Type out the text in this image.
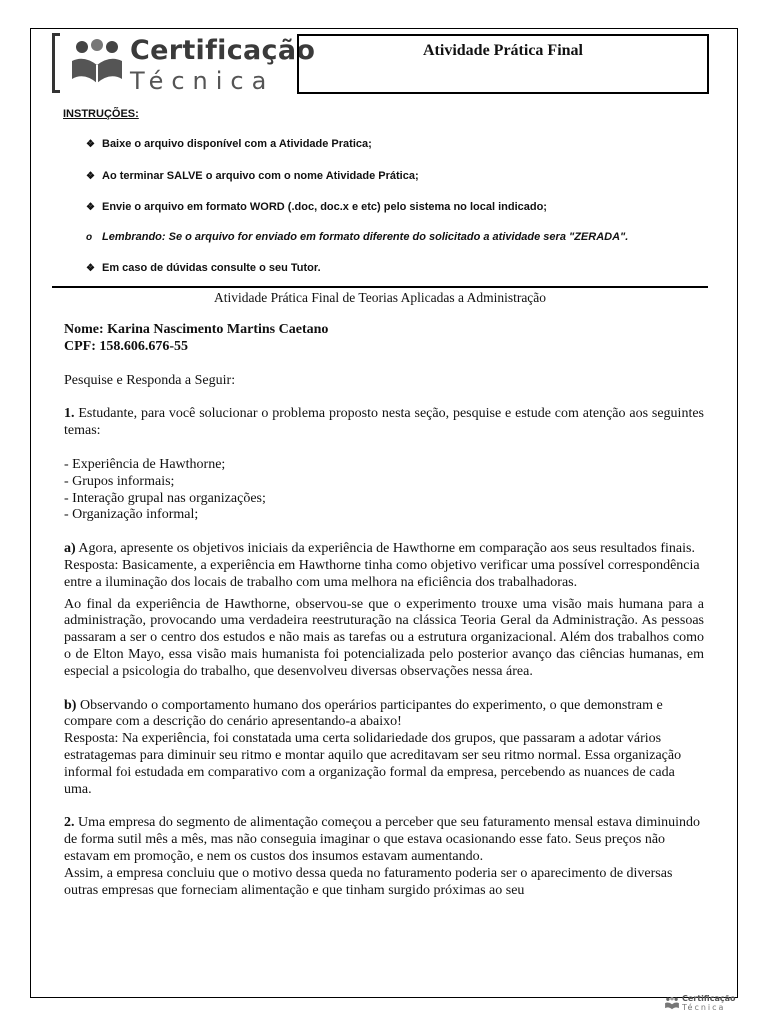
Certificação
Técnica
Atividade Prática Final
INSTRUÇÕES:
❖ Baixe o arquivo disponível com a Atividade Pratica;
❖ Ao terminar SALVE o arquivo com o nome Atividade Prática;
❖ Envie o arquivo em formato WORD (.doc, doc.x e etc) pelo sistema no local indicado;
o Lembrando: Se o arquivo for enviado em formato diferente do solicitado a atividade sera "ZERADA".
❖ Em caso de dúvidas consulte o seu Tutor.
Atividade Prática Final de Teorias Aplicadas a Administração

Nome: Karina Nascimento Martins Caetano

CPF: 158.606.676-55

Pesquise e Responda a Seguir:

1. Estudante, para você solucionar o problema proposto nesta seção, pesquise e estude com atenção aos seguintes temas:

- Experiência de Hawthorne;

- Grupos informais;

- Interação grupal nas organizações;

- Organização informal;

a) Agora, apresente os objetivos iniciais da experiência de Hawthorne em comparação aos seus resultados finais.

Resposta: Basicamente, a experiência em Hawthorne tinha como objetivo verificar uma possível correspondência entre a iluminação dos locais de trabalho com uma melhora na eficiência dos trabalhadoras.

Ao final da experiência de Hawthorne, observou-se que o experimento trouxe uma visão mais humana para a administração, provocando uma verdadeira reestruturação na clássica Teoria Geral da Administração. As pessoas passaram a ser o centro dos estudos e não mais as tarefas ou a estrutura organizacional. Além dos trabalhos como o de Elton Mayo, essa visão mais humanista foi potencializada pelo posterior avanço das ciências humanas, em especial a psicologia do trabalho, que desenvolveu diversas observações nessa área.

b) Observando o comportamento humano dos operários participantes do experimento, o que demonstram e compare com a descrição do cenário apresentando-a abaixo!

Resposta: Na experiência, foi constatada uma certa solidariedade dos grupos, que passaram a adotar vários estratagemas para diminuir seu ritmo e montar aquilo que acreditavam ser seu ritmo normal. Essa organização informal foi estudada em comparativo com a organização formal da empresa, percebendo as nuances de cada uma.

2. Uma empresa do segmento de alimentação começou a perceber que seu faturamento mensal estava diminuindo de forma sutil mês a mês, mas não conseguia imaginar o que estava ocasionando esse fato. Seus preços não estavam em promoção, e nem os custos dos insumos estavam aumentando.

Assim, a empresa concluiu que o motivo dessa queda no faturamento poderia ser o aparecimento de diversas outras empresas que forneciam alimentação e que tinham surgido próximas ao seu

Certificação
Técnica
